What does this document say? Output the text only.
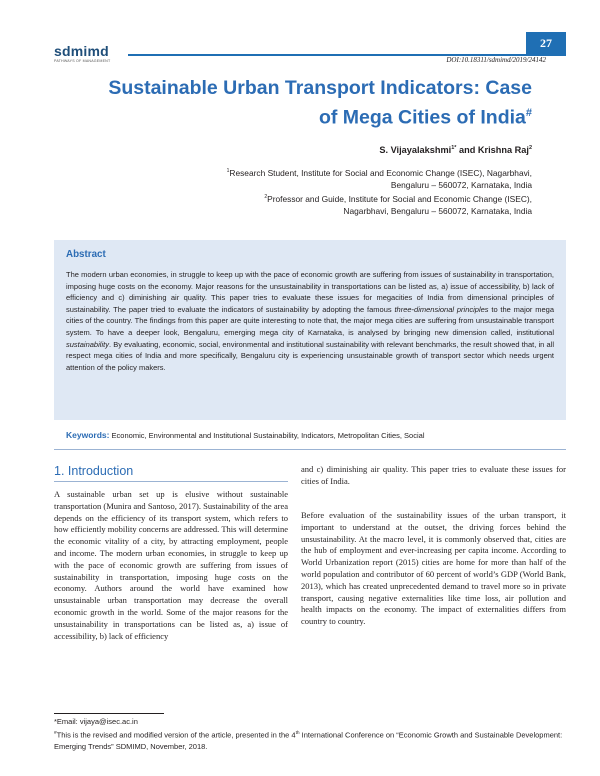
sdmimd
PATHWAYS OF MANAGEMENT
27
DOI:10.18311/sdmimd/2019/24142
Sustainable Urban Transport Indicators: Case
of Mega Cities of India#
S. Vijayalakshmi$^{1*}$ and Krishna Raj$^2$
$^1$Research Student, Institute for Social and Economic Change (ISEC), Nagarbhavi,
Bengaluru – 560072, Karnataka, India
$^2$Professor and Guide, Institute for Social and Economic Change (ISEC),
Nagarbhavi, Bengaluru – 560072, Karnataka, India
Abstract
The modern urban economies, in struggle to keep up with the pace of economic growth are suffering from issues of sustainability in transportation, imposing huge costs on the economy. Major reasons for the unsustainability in transportations can be listed as, a) issue of accessibility, b) lack of efficiency and c) diminishing air quality. This paper tries to evaluate these issues for megacities of India from dimensional principles of sustainability. The paper tried to evaluate the indicators of sustainability by adopting the famous three-dimensional principles to the major mega cities of the country. The findings from this paper are quite interesting to note that, the major mega cities are suffering from unsustainable transport system. To have a deeper look, Bengaluru, emerging mega city of Karnataka, is analysed by bringing new dimension called, institutional sustainability. By evaluating, economic, social, environmental and institutional sustainability with relevant benchmarks, the result showed that, in all respect mega cities of India and more specifically, Bengaluru city is experiencing unsustainable growth of transport sector which needs urgent attention of the policy makers.
Keywords: Economic, Environmental and Institutional Sustainability, Indicators, Metropolitan Cities, Social
1. Introduction
A sustainable urban set up is elusive without sustainable transportation (Munira and Santoso, 2017). Sustainability of the area depends on the efficiency of its transport system, which refers to how efficiently mobility concerns are addressed. This will determine the economic vitality of a city, by attracting employment, people and income. The modern urban economies, in struggle to keep up with the pace of economic growth are suffering from issues of sustainability in transportation, imposing huge costs on the economy. Authors around the world have examined how unsustainable urban transportation may decrease the overall economic growth in the world. Some of the major reasons for the unsustainability in transportations can be listed as, a) issue of accessibility, b) lack of efficiency
and c) diminishing air quality. This paper tries to evaluate these issues for cities of India.
Before evaluation of the sustainability issues of the urban transport, it important to understand at the outset, the driving forces behind the unsustainability. At the macro level, it is commonly observed that, cities are the hub of employment and ever-increasing per capita income. According to World Urbanization report (2015) cities are home for more than half of the world population and contributor of 60 percent of world’s GDP (World Bank, 2013), which has created unprecedented demand to travel more so in private transport, causing negative externalities like time loss, air pollution and health impacts on the economy. The impact of externalities differs from country to country.
*Email: vijaya@isec.ac.in
#This is the revised and modified version of the article, presented in the 4th International Conference on “Economic Growth and Sustainable Development: Emerging Trends” SDMIMD, November, 2018.
